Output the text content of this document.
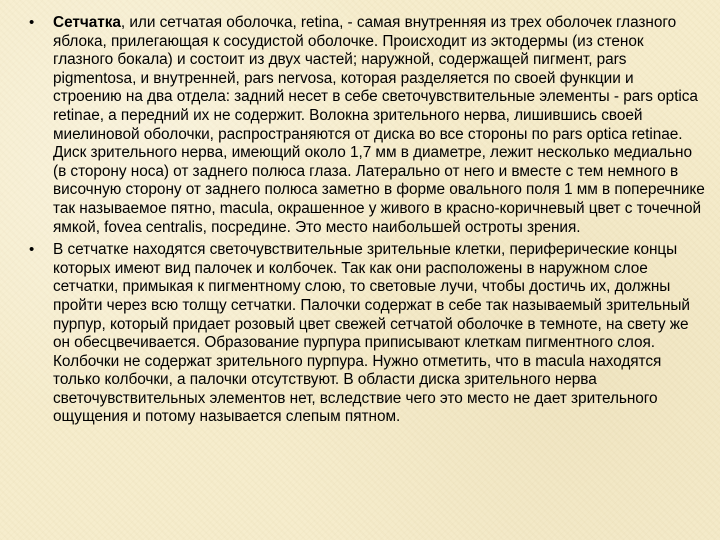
• Сетчатка, или сетчатая оболочка, retina, - самая внутренняя из трех оболочек глазного яблока, прилегающая к сосудистой оболочке. Происходит из эктодермы (из стенок глазного бокала) и состоит из двух частей; наружной, содержащей пигмент, pars pigmentosa, и внутренней, pars nervosa, которая разделяется по своей функции и строению на два отдела: задний несет в себе светочувствительные элементы - pars optica retinae, а передний их не содержит. Волокна зрительного нерва, лишившись своей миелиновой оболочки, распространяются от диска во все стороны по pars optica retinae. Диск зрительного нерва, имеющий около 1,7 мм в диаметре, лежит несколько медиально (в сторону носа) от заднего полюса глаза. Латерально от него и вместе с тем немного в височную сторону от заднего полюса заметно в форме овального поля 1 мм в поперечнике так называемое пятно, macula, окрашенное у живого в красно-коричневый цвет с точечной ямкой, fovea centralis, посредине. Это место наибольшей остроты зрения.
• В сетчатке находятся светочувствительные зрительные клетки, периферические концы которых имеют вид палочек и колбочек. Так как они расположены в наружном слое сетчатки, примыкая к пигментному слою, то световые лучи, чтобы достичь их, должны пройти через всю толщу сетчатки. Палочки содержат в себе так называемый зрительный пурпур, который придает розовый цвет свежей сетчатой оболочке в темноте, на свету же он обесцвечивается. Образование пурпура приписывают клеткам пигментного слоя. Колбочки не содержат зрительного пурпура. Нужно отметить, что в macula находятся только колбочки, а палочки отсутствуют. В области диска зрительного нерва светочувствительных элементов нет, вследствие чего это место не дает зрительного ощущения и потому называется слепым пятном.
